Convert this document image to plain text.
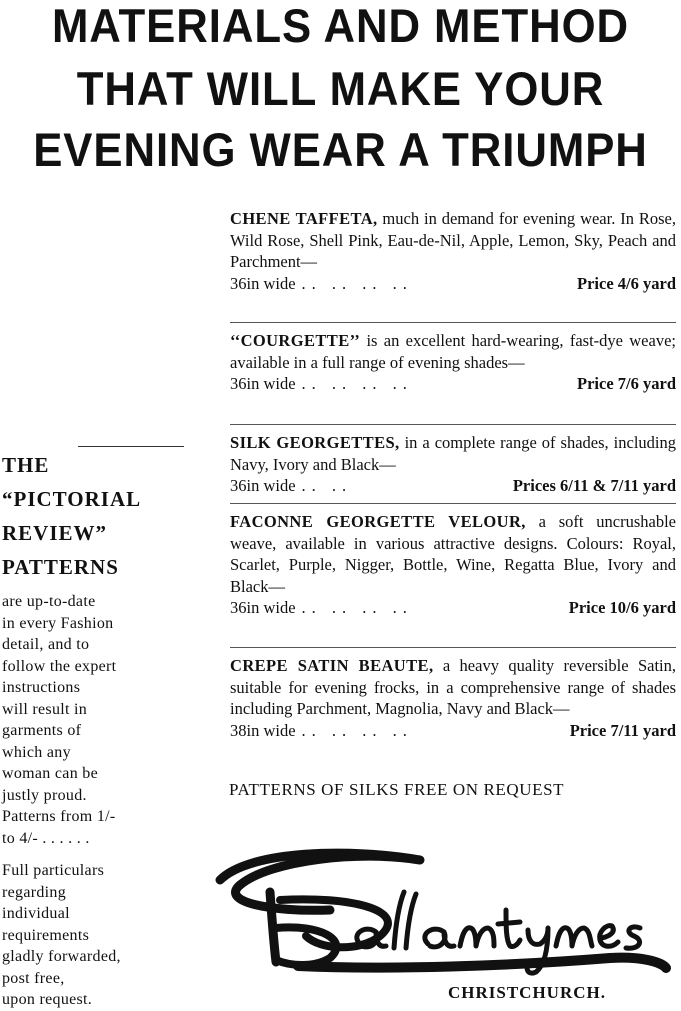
MATERIALS AND METHOD
THAT WILL MAKE YOUR
EVENING WEAR A TRIUMPH
THE
“PICTORIAL
REVIEW”
PATTERNS
are up-to-date
in every Fashion
detail, and to
follow the expert
instructions
will result in
garments of
which any
woman can be
justly proud.
Patterns from 1/-
to 4/- . . . . . .
Full particulars
regarding
individual
requirements
gladly forwarded,
post free,
upon request.
CHENE TAFFETA, much in demand for evening wear. In Rose, Wild Rose, Shell Pink, Eau-de-Nil, Apple, Lemon, Sky, Peach and Parchment—
36in wide .. .. .. ..	Price 4/6 yard
‘‘COURGETTE’’ is an excellent hard-wearing, fast-dye weave; available in a full range of evening shades—
36in wide .. .. .. ..	Price 7/6 yard
SILK GEORGETTES, in a complete range of shades, including Navy, Ivory and Black—
36in wide .. ..	Prices 6/11 & 7/11 yard
FACONNE GEORGETTE VELOUR, a soft uncrushable weave, available in various attractive designs. Colours: Royal, Scarlet, Purple, Nigger, Bottle, Wine, Regatta Blue, Ivory and Black—
36in wide .. .. .. ..	Price 10/6 yard
CREPE SATIN BEAUTE, a heavy quality reversible Satin, suitable for evening frocks, in a comprehensive range of shades including Parchment, Magnolia, Navy and Black—
38in wide .. .. .. ..	Price 7/11 yard
PATTERNS OF SILKS FREE ON REQUEST
CHRISTCHURCH.
